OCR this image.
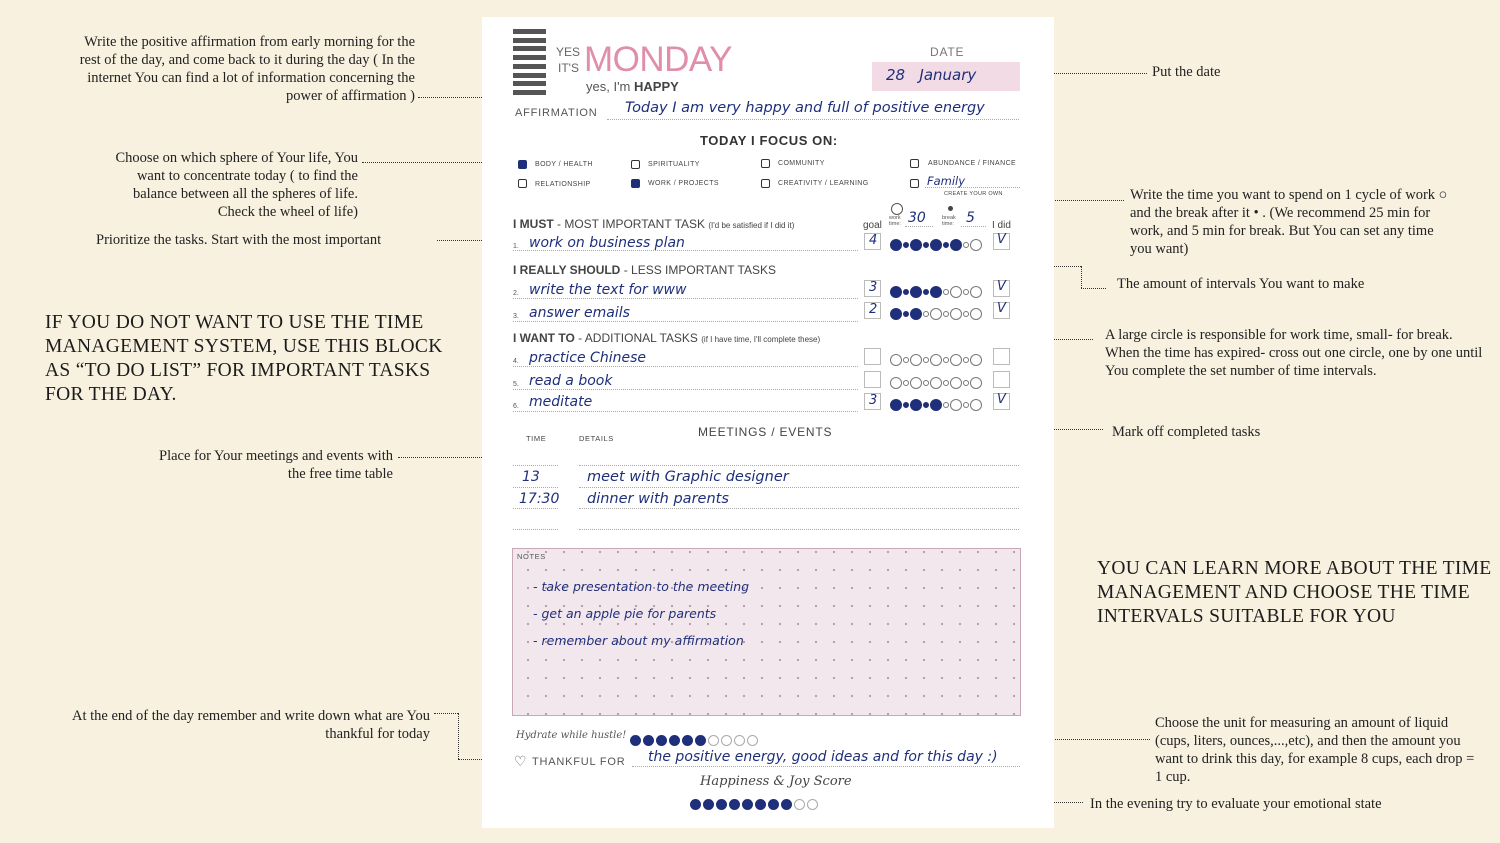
Write the positive affirmation from early morning for the rest of the day, and come back to it during the day ( In the internet You can find a lot of information concerning the power of affirmation )
Choose on which sphere of Your life, You want to concentrate today ( to find the balance between all the spheres of life. Check the wheel of life)
Prioritize the tasks. Start with the most important
IF YOU DO NOT WANT TO USE THE TIME MANAGEMENT SYSTEM, USE THIS BLOCK AS “TO DO LIST” FOR IMPORTANT TASKS FOR THE DAY.
Place for Your meetings and events with the free time table
At the end of the day remember and write down what are You thankful for today
Put the date
Write the time you want to spend on 1 cycle of work ○ and the break after it • . (We recommend 25 min for work, and 5 min for break. But You can set any time you want)
The amount of intervals You want to make
A large circle is responsible for work time, small- for break. When the time has expired- cross out one circle, one by one until You complete the set number of time intervals.
Mark off completed tasks
YOU CAN LEARN MORE ABOUT THE TIME MANAGEMENT AND CHOOSE THE TIME INTERVALS SUITABLE FOR YOU
Choose the unit for measuring an amount of liquid (cups, liters, ounces,...,etc), and then the amount you want to drink this day, for example 8 cups, each drop = 1 cup.
In the evening try to evaluate your emotional state
YES
IT'S MONDAY
yes, I'm HAPPY
DATE
28   January
AFFIRMATION Today I am very happy and full of positive energy
TODAY I FOCUS ON:
BODY / HEALTH	SPIRITUALITY	COMMUNITY	ABUNDANCE / FINANCE
RELATIONSHIP	WORK / PROJECTS	CREATIVITY / LEARNING	Family
CREATE YOUR OWN
work time: 30	break time: 5
goal	I did
I MUST - MOST IMPORTANT TASK (I'd be satisfied if I did it)
1. work on business plan	4	V
I REALLY SHOULD - LESS IMPORTANT TASKS
2. write the text for www	3	V
3. answer emails	2	V
I WANT TO - ADDITIONAL TASKS (if I have time, I'll complete these)
4. practice Chinese
5. read a book
6. meditate	3	V
MEETINGS / EVENTS
TIME	DETAILS
13	meet with Graphic designer
17:30 dinner with parents
NOTES
- take presentation to the meeting
- get an apple pie for parents
- remember about my affirmation
Hydrate while hustle!
♡ THANKFUL FOR the positive energy, good ideas and for this day :)
Happiness & Joy Score
